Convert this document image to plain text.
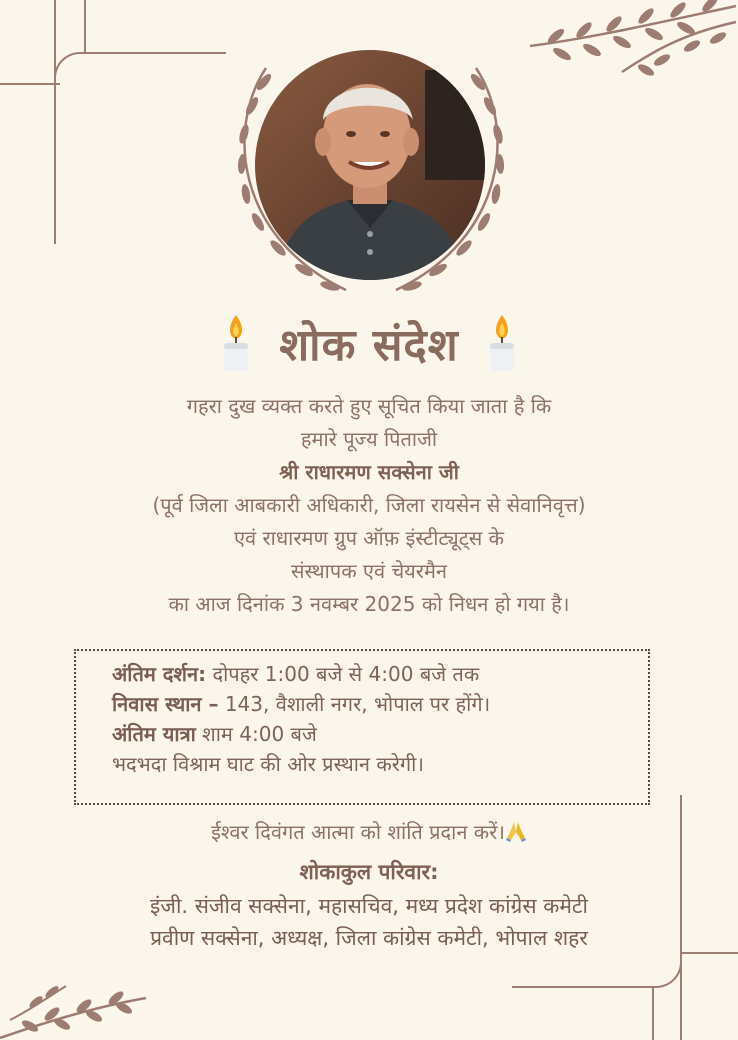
शोक संदेश
गहरा दुख व्यक्त करते हुए सूचित किया जाता है कि
हमारे पूज्य पिताजी
श्री राधारमण सक्सेना जी
(पूर्व जिला आबकारी अधिकारी, जिला रायसेन से सेवानिवृत्त)
एवं राधारमण ग्रुप ऑफ़ इंस्टीट्यूट्स के
संस्थापक एवं चेयरमैन
का आज दिनांक 3 नवम्बर 2025 को निधन हो गया है।
अंतिम दर्शन: दोपहर 1:00 बजे से 4:00 बजे तक
निवास स्थान – 143, वैशाली नगर, भोपाल पर होंगे।
अंतिम यात्रा शाम 4:00 बजे
भदभदा विश्राम घाट की ओर प्रस्थान करेगी।
ईश्वर दिवंगत आत्मा को शांति प्रदान करें।
शोकाकुल परिवार:
इंजी. संजीव सक्सेना, महासचिव, मध्य प्रदेश कांग्रेस कमेटी
प्रवीण सक्सेना, अध्यक्ष, जिला कांग्रेस कमेटी, भोपाल शहर
